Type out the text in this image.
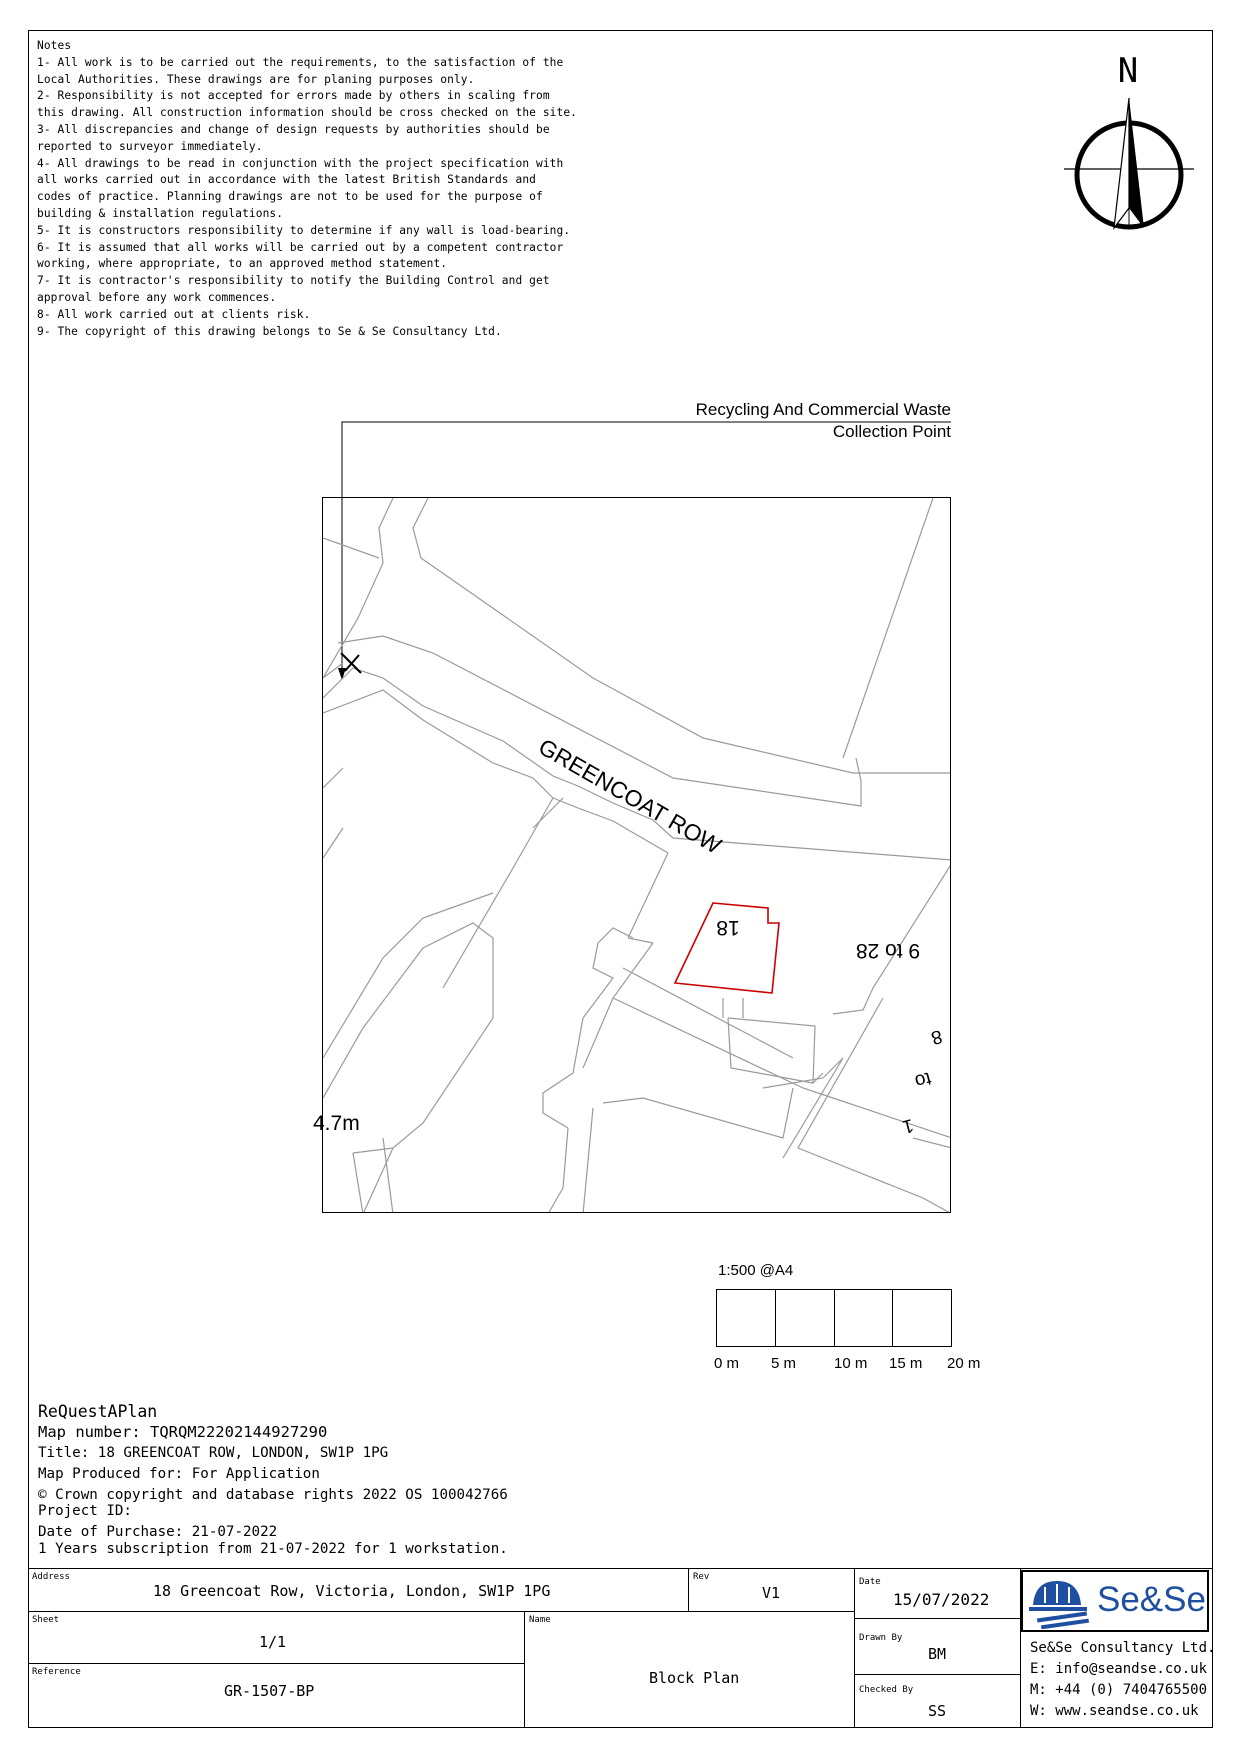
Notes
1- All work is to be carried out the requirements, to the satisfaction of the
Local Authorities. These drawings are for planing purposes only.
2- Responsibility is not accepted for errors made by others in scaling from
this drawing. All construction information should be cross checked on the site.
3- All discrepancies and change of design requests by authorities should be
reported to surveyor immediately.
4- All drawings to be read in conjunction with the project specification with
all works carried out in accordance with the latest British Standards and
codes of practice. Planning drawings are not to be used for the purpose of
building & installation regulations.
5- It is constructors responsibility to determine if any wall is load-bearing.
6- It is assumed that all works will be carried out by a competent contractor
working, where appropriate, to an approved method statement.
7- It is contractor's responsibility to notify the Building Control and get
approval before any work commences.
8- All work carried out at clients risk.
9- The copyright of this drawing belongs to Se & Se Consultancy Ltd.
N
Recycling And Commercial Waste
Collection Point
GREENCOAT ROW
18
9 to 28
8
to
1
4.7m
1:500 @A4
0 m 5 m	10 m 15 m 20 m
ReQuestAPlan
Map number: TQRQM22202144927290
Title: 18 GREENCOAT ROW, LONDON, SW1P 1PG
Map Produced for: For Application
© Crown copyright and database rights 2022 OS 100042766
Project ID:
Date of Purchase: 21-07-2022
1 Years subscription from 21-07-2022 for 1 workstation.
Address
18 Greencoat Row, Victoria, London, SW1P 1PG
Rev
V1
Date
15/07/2022
Sheet
1/1
Name
Block Plan
Drawn By
BM
Reference
GR-1507-BP	Checked By
SS
Se&Se
Se&Se Consultancy Ltd.
E: info@seandse.co.uk
M: +44 (0) 7404765500
W: www.seandse.co.uk
